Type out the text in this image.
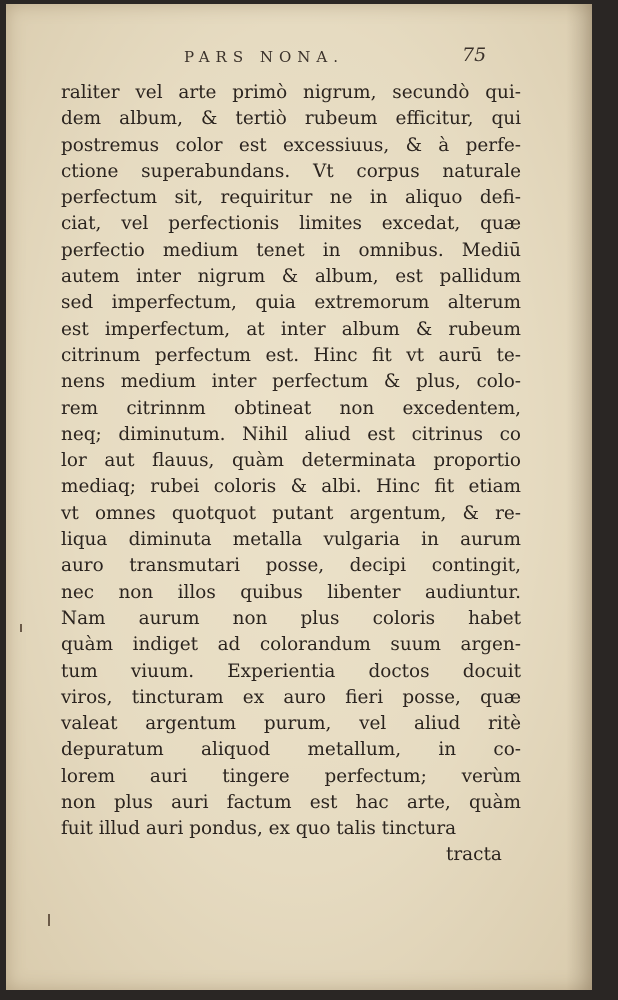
PARS NONA.	75
raliter vel arte primò nigrum, secundò qui-
dem album, & tertiò rubeum efficitur, qui
postremus color est excessiuus, & à perfe-
ctione superabundans. Vt corpus naturale
perfectum sit, requiritur ne in aliquo defi-
ciat, vel perfectionis limites excedat, quæ
perfectio medium tenet in omnibus. Mediū
autem inter nigrum & album, est pallidum
sed imperfectum, quia extremorum alterum
est imperfectum, at inter album & rubeum
citrinum perfectum est. Hinc fit vt aurū te-
nens medium inter perfectum & plus, colo-
rem citrinnm obtineat non excedentem,
neq; diminutum. Nihil aliud est citrinus co
lor aut flauus, quàm determinata proportio
mediaq; rubei coloris & albi. Hinc fit etiam
vt omnes quotquot putant argentum, & re-
liqua diminuta metalla vulgaria in aurum
auro transmutari posse, decipi contingit,
nec non illos quibus libenter audiuntur.
Nam aurum non plus coloris habet
quàm indiget ad colorandum suum argen-
tum viuum. Experientia doctos docuit
viros, tincturam ex auro fieri posse, quæ
valeat argentum purum, vel aliud ritè
depuratum aliquod metallum, in co-
lorem auri tingere perfectum; verùm
non plus auri factum est hac arte, quàm
fuit illud auri pondus, ex quo talis tinctura
tracta
